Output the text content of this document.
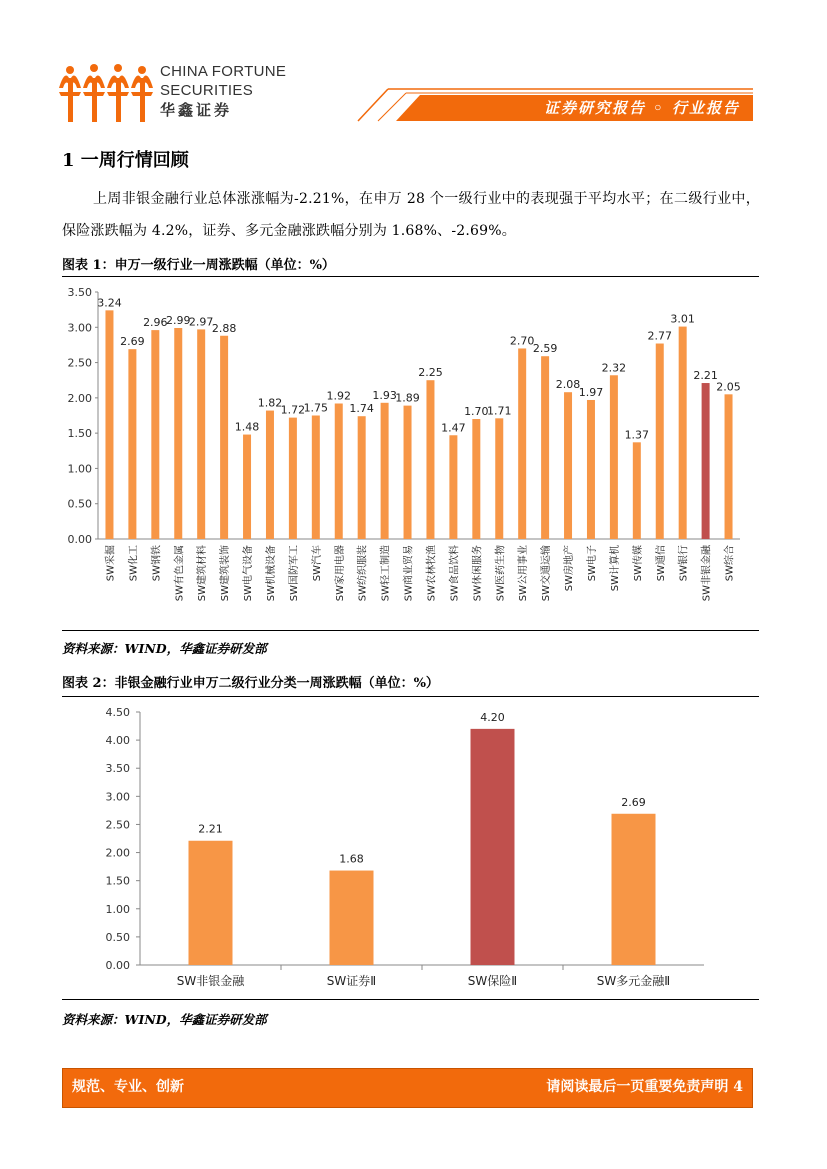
CHINA FORTUNE
SECURITIES
华鑫证券	证券研究报告 ◦ 行业报告
1 一周行情回顾
上周非银金融行业总体涨涨幅为-2.21%，在申万 28 个一级行业中的表现强于平均水平；在二级行业中，保险涨跌幅为 4.2%，证券、多元金融涨跌幅分别为 1.68%、-2.69%。
图表 1：申万一级行业一周涨跌幅（单位：%）
0.00
0.50
1.00
1.50
2.00
2.50
3.00
3.50
3.24
SW采掘
2.69
SW化工
2.96
SW钢铁
2.99
SW有色金属
2.97
SW建筑材料
2.88
SW建筑装饰
1.48
SW电气设备
1.82
SW机械设备
1.72
SW国防军工
1.75
SW汽车
1.92
SW家用电器
1.74
SW纺织服装
1.93
SW轻工制造
1.89
SW商业贸易
2.25
SW农林牧渔
1.47
SW食品饮料
1.70
SW休闲服务
1.71
SW医药生物
2.70
SW公用事业
2.59
SW交通运输
2.08
SW房地产
1.97
SW电子
2.32
SW计算机
1.37
SW传媒
2.77
SW通信
3.01
SW银行
2.21
SW非银金融
2.05
SW综合
资料来源：WIND，华鑫证券研发部
图表 2：非银金融行业申万二级行业分类一周涨跌幅（单位：%）
0.00
0.50
1.00
1.50
2.00
2.50
3.00
3.50
4.00
4.50
2.21
SW非银金融
1.68
SW证券Ⅱ
4.20
SW保险Ⅱ
2.69
SW多元金融Ⅱ
资料来源：WIND，华鑫证券研发部
规范、专业、创新	请阅读最后一页重要免责声明 4
